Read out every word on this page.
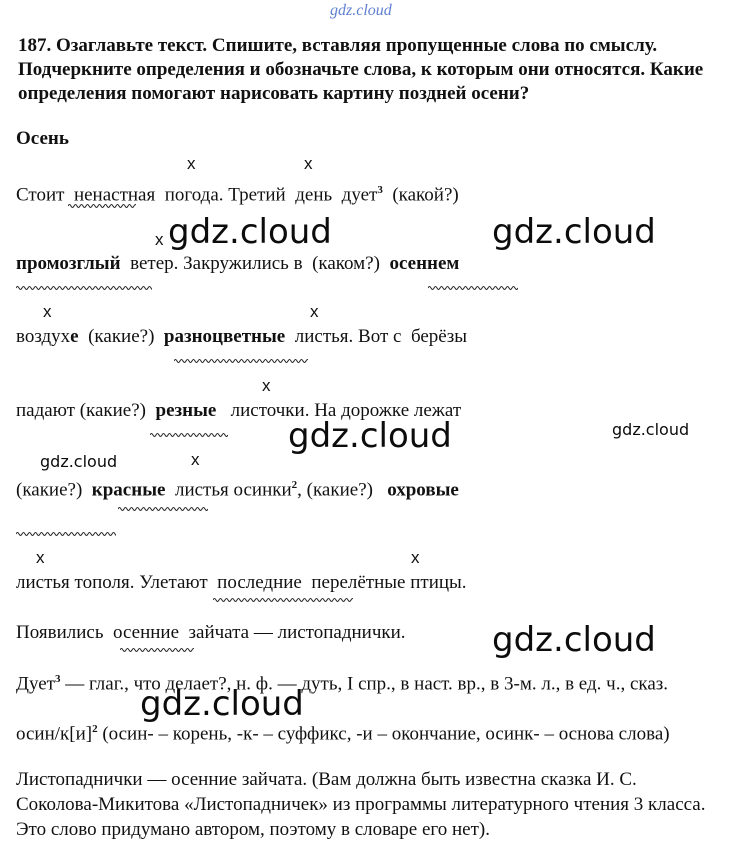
gdz.cloud
187. Озаглавьте текст. Спишите, вставляя пропущенные слова по смыслу. Подчеркните определения и обозначьте слова, к которым они относятся. Какие определения помогают нарисовать картину поздней осени?
Осень
x	x
Стоит ненастная погода. Третий день дует$^3$ (какой?)
x gdz.cloud	gdz.cloud
промозглый ветер. Закружились в (каком?) осеннем
x	x
воздухе (какие?) разноцветные листья. Вот с берёзы
x
падают (какие?) резные листочки. На дорожке лежат
gdz.cloud	gdz.cloud
gdz.cloud	x
(какие?) красные листья осинки$^2$, (какие?) охровые
x	x
листья тополя. Улетают последние перелётные птицы.
Появились осенние зайчата — листопаднички.	gdz.cloud
Дует$^3$ — глаг., что делает?, н. ф. — дуть, I спр., в наст. вр., в 3-м. л., в ед. ч., сказ.
gdz.cloud
осин/$к[и]^2$ (осин- – корень, -к- – суффикс, -и – окончание, осинк- – основа слова)
Листопаднички — осенние зайчата. (Вам должна быть известна сказка И. С. Соколова-Микитова «Листопадничек» из программы литературного чтения 3 класса. Это слово придумано автором, поэтому в словаре его нет).
